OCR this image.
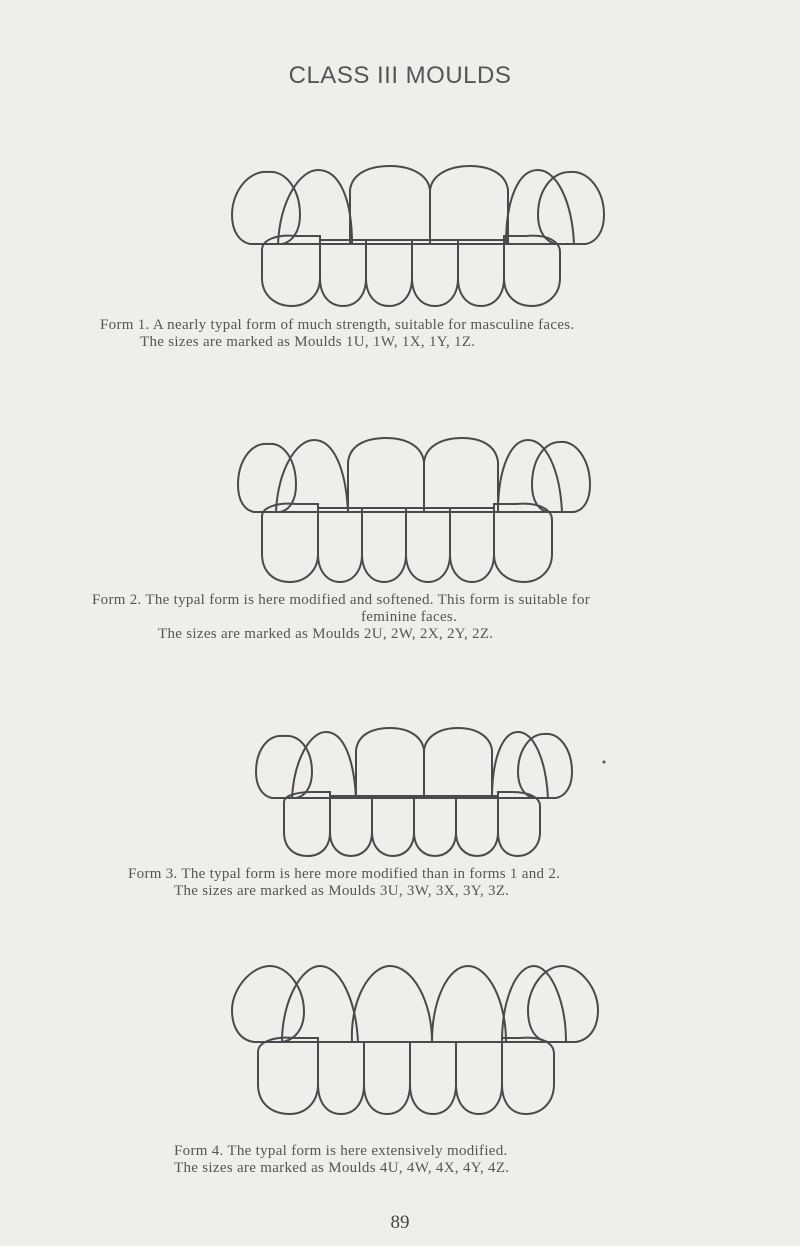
CLASS III MOULDS

Form 1. A nearly typal form of much strength, suitable for masculine faces.

The sizes are marked as Moulds 1U, 1W, 1X, 1Y, 1Z.

Form 2. The typal form is here modified and softened. This form is suitable for

feminine faces.

The sizes are marked as Moulds 2U, 2W, 2X, 2Y, 2Z.

Form 3. The typal form is here more modified than in forms 1 and 2.

The sizes are marked as Moulds 3U, 3W, 3X, 3Y, 3Z.

Form 4. The typal form is here extensively modified.

The sizes are marked as Moulds 4U, 4W, 4X, 4Y, 4Z.

89
